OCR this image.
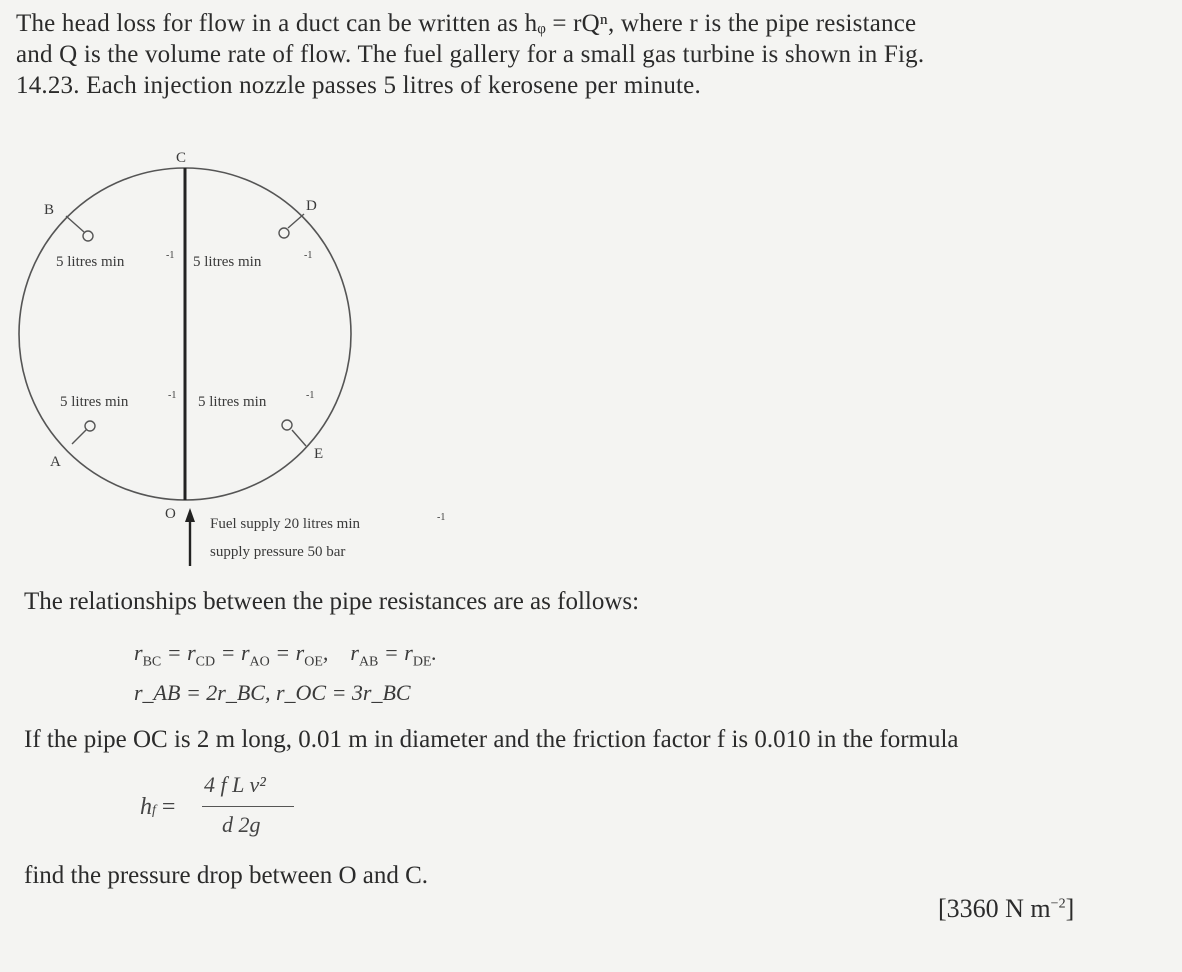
The head loss for flow in a duct can be written as hᵩ = rQⁿ, where r is the pipe resistance
and Q is the volume rate of flow. The fuel gallery for a small gas turbine is shown in Fig.
14.23. Each injection nozzle passes 5 litres of kerosene per minute.
C
B	D
A	E
O
5 litres min	-1 5 litres min	-1
5 litres min	-1 5 litres min	-1
Fuel supply 20 litres min	-1
supply pressure 50 bar
The relationships between the pipe resistances are as follows:
$r_{BC} = r_{CD} = r_{AO} = r_{OE}$,    $r_{AB} = r_{DE}$.
r_AB = 2r_BC, r_OC = 3r_BC
If the pipe OC is 2 m long, 0.01 m in diameter and the friction factor f is 0.010 in the formula
hf =
4 f L v²
d 2g
find the pressure drop between O and C.
[3360 N $m^{-2}$]
